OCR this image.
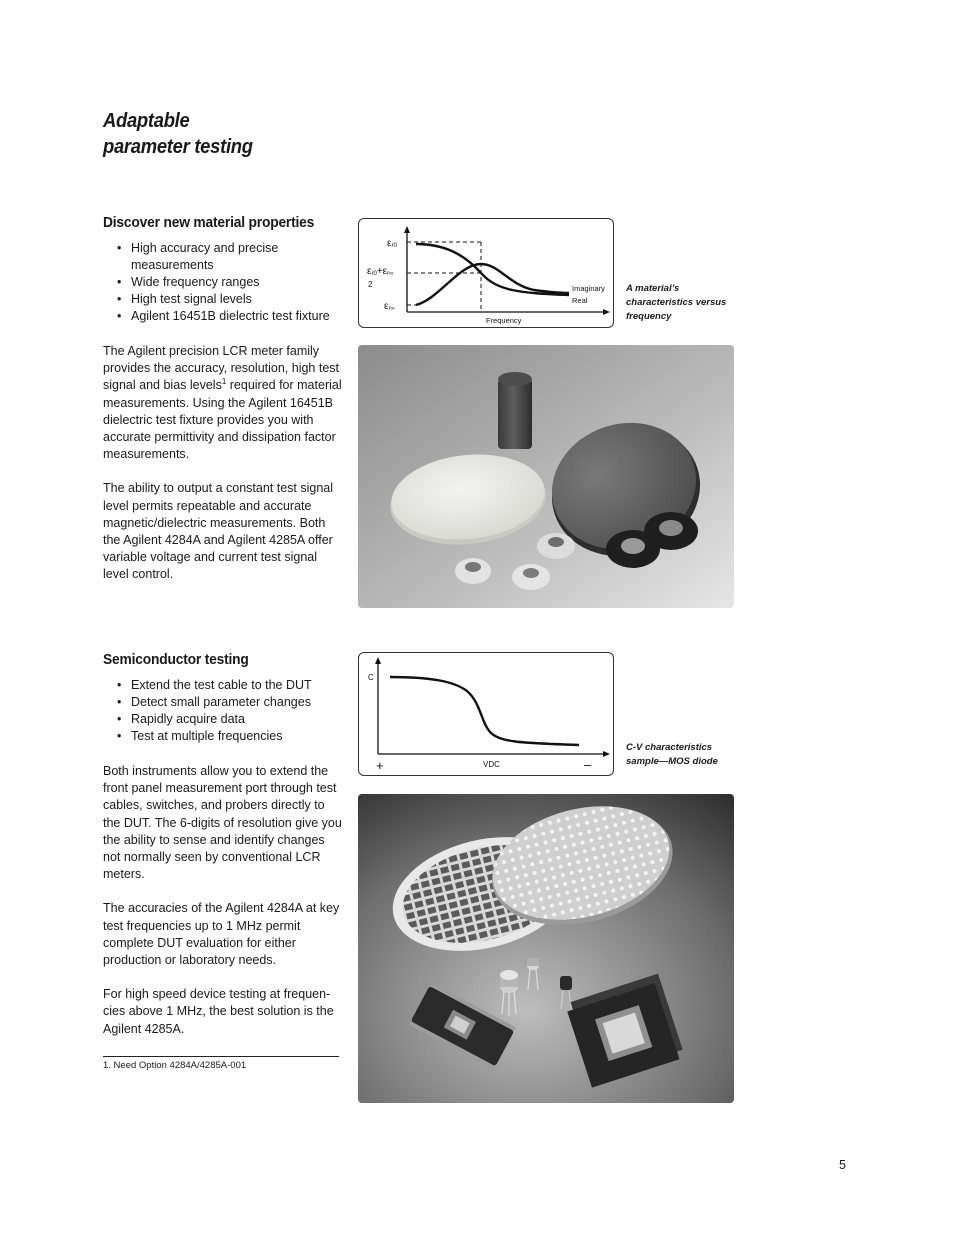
Adaptable
parameter testing
Discover new material properties
• High accuracy and precise measurements
• Wide frequency ranges
• High test signal levels
• Agilent 16451B dielectric test fixture

The Agilent precision LCR meter family provides the accuracy, resolution, high test signal and bias levels$^1$ required for material measurements. Using the Agilent 16451B dielectric test fixture provides you with accurate permittivity and dissipation factor measurements.

The ability to output a constant test signal level permits repeatable and accurate magnetic/dielectric measurements. Both the Agilent 4284A and Agilent 4285A offer variable voltage and current test signal level control.

εr0
εr0+εr∞
2
εr∞
Imaginary
Real
Frequency
A material’s characteristics versus frequency
Semiconductor testing
• Extend the test cable to the DUT
• Detect small parameter changes
• Rapidly acquire data
• Test at multiple frequencies

Both instruments allow you to extend the front panel measurement port through test cables, switches, and probers directly to the DUT. The 6-digits of resolution give you the ability to sense and identify changes not normally seen by conventional LCR meters.

The accuracies of the Agilent 4284A at key test frequencies up to 1 MHz permit complete DUT evaluation for either production or laboratory needs.

For high speed device testing at frequen-cies above 1 MHz, the best solution is the Agilent 4285A.

C
VDC
+	–
C-V characteristics sample—MOS diode
1. Need Option 4284A/4285A-001
5
